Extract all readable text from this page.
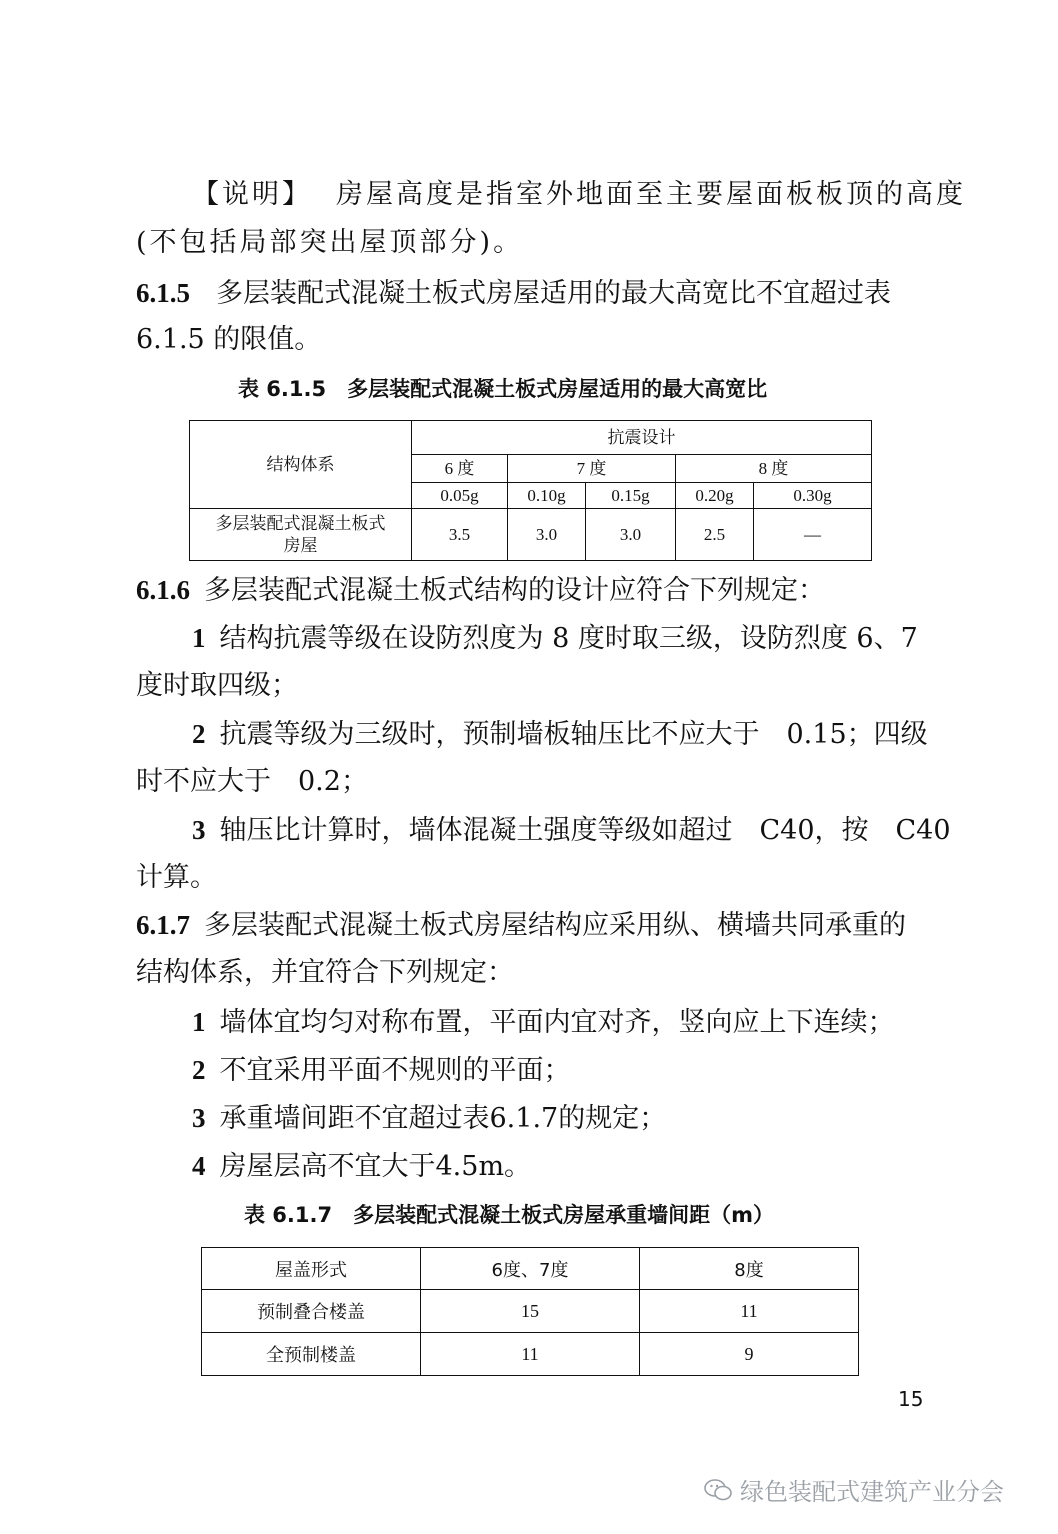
【说明】 房屋高度是指室外地面至主要屋面板板顶的高度
(不包括局部突出屋顶部分)。
6.1.5 多层装配式混凝土板式房屋适用的最大高宽比不宜超过表
6.1.5 的限值。
表 6.1.5　多层装配式混凝土板式房屋适用的最大高宽比
结构体系	抗震设计				
	6 度	7 度		8 度	
	0.05g	0.10g	0.15g	0.20g	0.30g

多层装配式混凝土板式房屋	3.5	3.0	3.0	2.5	—
6.1.6 多层装配式混凝土板式结构的设计应符合下列规定：
1 结构抗震等级在设防烈度为 8 度时取三级，设防烈度 6、7
度时取四级；
2 抗震等级为三级时，预制墙板轴压比不应大于　0.15；四级
时不应大于　0.2；
3 轴压比计算时，墙体混凝土强度等级如超过　C40，按　C40
计算。
6.1.7 多层装配式混凝土板式房屋结构应采用纵、横墙共同承重的
结构体系，并宜符合下列规定：
1 墙体宜均匀对称布置，平面内宜对齐，竖向应上下连续；
2 不宜采用平面不规则的平面；
3 承重墙间距不宜超过表6.1.7的规定；
4 房屋层高不宜大于4.5m。
表 6.1.7　多层装配式混凝土板式房屋承重墙间距（m）
屋盖形式	6度、7度	8度
预制叠合楼盖	15	11
全预制楼盖	11	9
15
绿色装配式建筑产业分会
